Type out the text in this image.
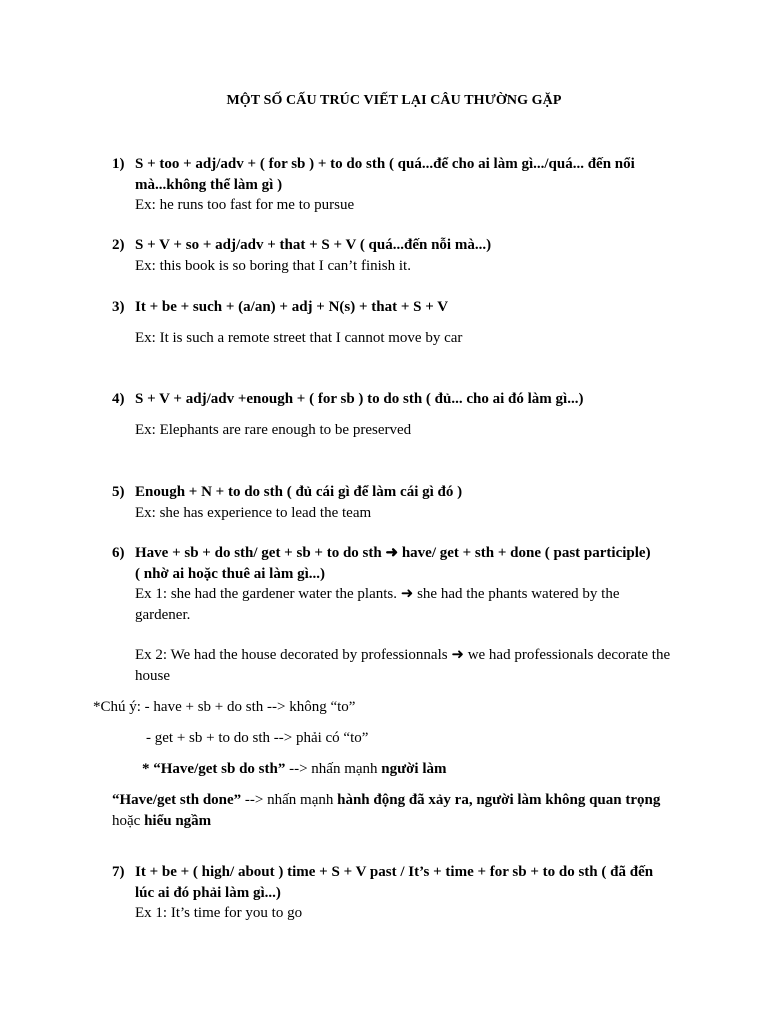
MỘT SỐ CẤU TRÚC VIẾT LẠI CÂU THƯỜNG GẶP
1) S + too + adj/adv + ( for sb ) + to do sth ( quá...để cho ai làm gì.../quá... đến nổi mà...không thể làm gì )
Ex: he runs too fast for me to pursue
2) S + V + so + adj/adv + that + S + V ( quá...đến nỗi mà...)
Ex: this book is so boring that I can’t finish it.
3) It + be + such + (a/an) + adj + N(s) + that + S + V
Ex: It is such a remote street that I cannot move by car
4) S + V + adj/adv +enough + ( for sb ) to do sth ( đủ... cho ai đó làm gì...)
Ex: Elephants are rare enough to be preserved
5) Enough + N + to do sth ( đủ cái gì để làm cái gì đó )
Ex: she has experience to lead the team
6) Have + sb + do sth/ get + sb + to do sth ➜ have/ get + sth + done ( past participle)
( nhờ ai hoặc thuê ai làm gì...)
Ex 1: she had the gardener water the plants. ➜ she had the phants watered by the gardener.
Ex 2: We had the house decorated by professionnals ➜ we had professionals decorate the house
*Chú ý: - have + sb + do sth --> không “to”
- get + sb + to do sth --> phải có “to”
* “Have/get sb do sth” --> nhấn mạnh người làm
“Have/get sth done” --> nhấn mạnh hành động đã xảy ra, người làm không quan trọng
hoặc hiểu ngầm
7) It + be + ( high/ about ) time + S + V past / It’s + time + for sb + to do sth ( đã đến lúc ai đó phải làm gì...)
Ex 1: It’s time for you to go
